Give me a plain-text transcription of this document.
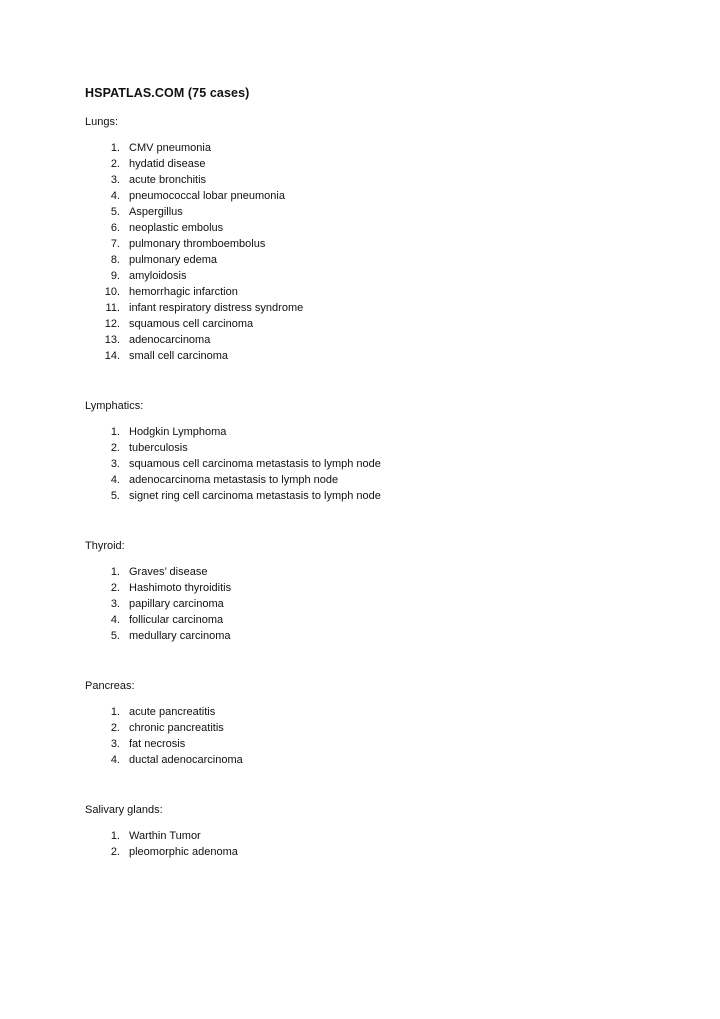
HSPATLAS.COM (75 cases)
Lungs:
1. CMV pneumonia
2. hydatid disease
3. acute bronchitis
4. pneumococcal lobar pneumonia
5. Aspergillus
6. neoplastic embolus
7. pulmonary thromboembolus
8. pulmonary edema
9. amyloidosis
10. hemorrhagic infarction
11. infant respiratory distress syndrome
12. squamous cell carcinoma
13. adenocarcinoma
14. small cell carcinoma
Lymphatics:
1. Hodgkin Lymphoma
2. tuberculosis
3. squamous cell carcinoma metastasis to lymph node
4. adenocarcinoma metastasis to lymph node
5. signet ring cell carcinoma metastasis to lymph node
Thyroid:
1. Graves’ disease
2. Hashimoto thyroiditis
3. papillary carcinoma
4. follicular carcinoma
5. medullary carcinoma
Pancreas:
1. acute pancreatitis
2. chronic pancreatitis
3. fat necrosis
4. ductal adenocarcinoma
Salivary glands:
1. Warthin Tumor
2. pleomorphic adenoma
